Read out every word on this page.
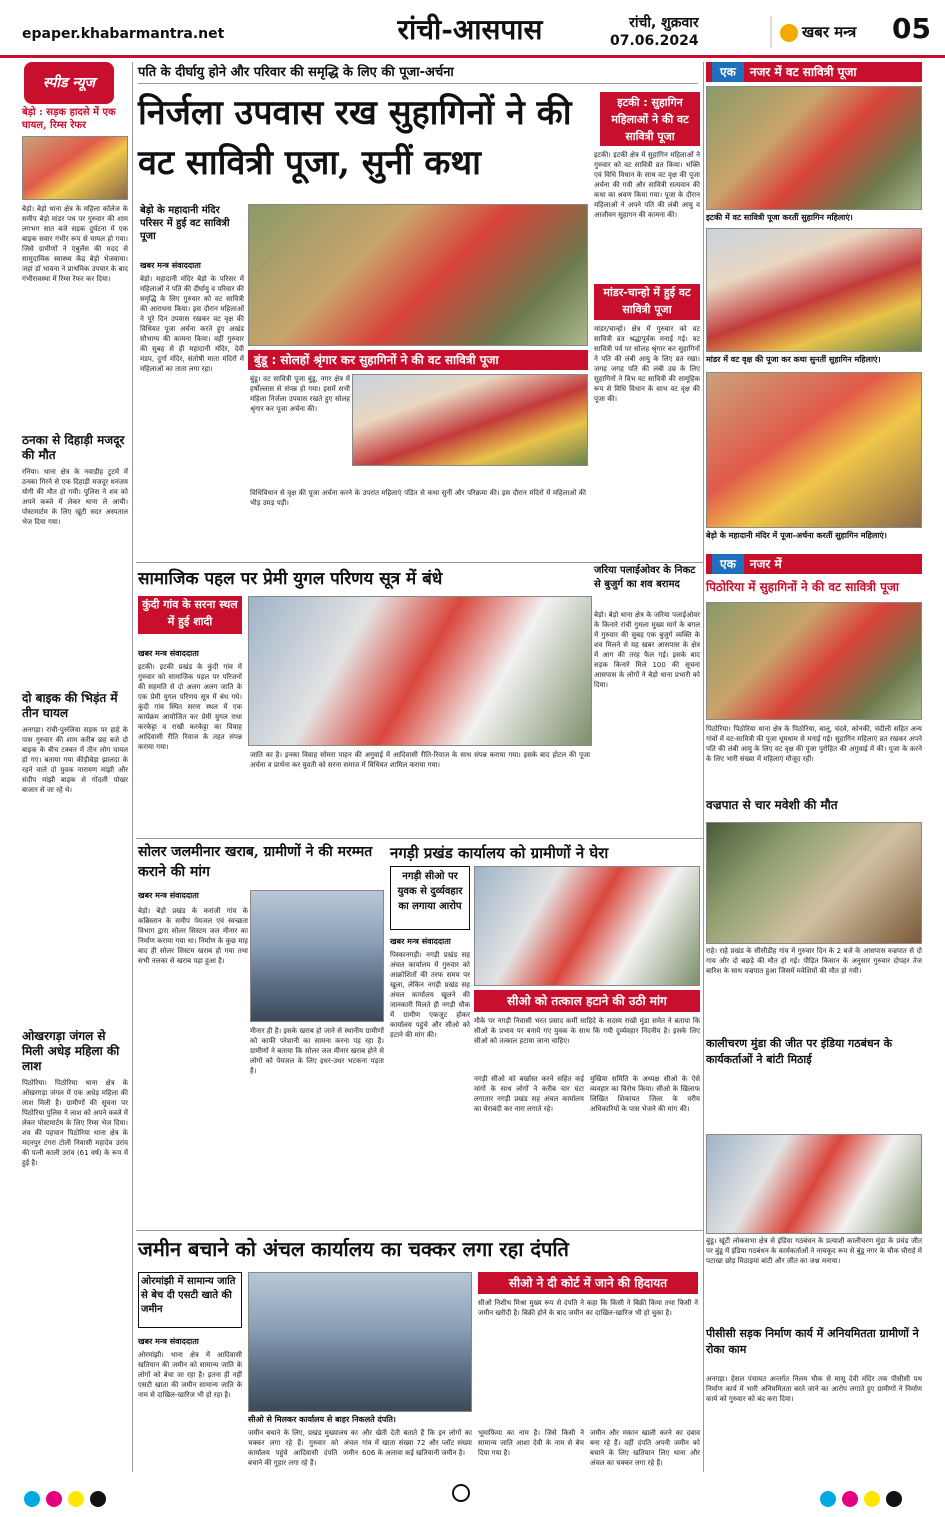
epaper.khabarmantra.net	रांची-आसपास	रांची, शुक्रवार
07.06.2024	खबर मन्त्र	05
स्पीड न्यूज
बेड़ो : सड़क हादसे में एक घायल, रिम्स रेफर
बेड़ो। बेड़ो थाना क्षेत्र के महिला कॉलेज के समीप बेड़ो मांडर पथ पर गुरुवार की शाम लगभग सात बजे सड़क दुर्घटना में एक बाइक सवार गंभीर रूप से घायल हो गया। जिसे ग्रामीणों ने एंबुलेंस की मदद से सामुदायिक स्वास्थ्य केंद्र बेड़ो भेजवाया। जहां डॉ भावना ने प्राथमिक उपचार के बाद गंभीरावस्था में रिम्स रेफर कर दिया।
ठनका से दिहाड़ी मजदूर की मौत
रनिया। थाना क्षेत्र के नवाडीह टुटमें में ठनका गिरने से एक दिहाड़ी मजदूर धनंजय योगी की मौत हो गयी। पुलिस ने शव को अपने कब्जे में लेकर थाना ले आयी। पोस्टमार्टम के लिए खूंटी सदर अस्पताल भेज दिया गया।
दो बाइक की भिड़ंत में तीन घायल
अनगड़ा। रांची-पुरुलिया सड़क पर हाहे के पास गुरुवार की शाम करीब छह बजे दो बाइक के बीच टक्कर में तीन लोग घायल हो गए। बताया गया कीड़ीबेड़ा झालदा के रहने वाले दो युवक नारायण मांझी और संदीप मांझी बाइक से गोंदली पोखर बाजार से जा रहे थे।
ओखरगड़ा जंगल से मिली अधेड़ महिला की लाश
पिठोरिया। पिठोरिया थाना क्षेत्र के ओखरगड़ा जंगल में एक अधेड़ महिला की लाश मिली है। ग्रामीणों की सूचना पर पिठोरिया पुलिस ने लाश को अपने कब्जे में लेकर पोस्टमार्टम के लिए रिम्स भेज दिया। शव की पहचान पिठोरिया थाना क्षेत्र के मदनपुर टंगरा टोली निवासी महादेव उरांव की पत्नी काली उरांव (61 वर्ष) के रूप में हुई है।
पति के दीर्घायु होने और परिवार की समृद्धि के लिए की पूजा-अर्चना
निर्जला उपवास रख सुहागिनों ने की वट सावित्री पूजा, सुनीं कथा
इटकी : सुहागिन महिलाओं ने की वट सावित्री पूजा
इटकी। इटकी क्षेत्र में सुहागिन महिलाओं ने गुरुवार को वट सावित्री व्रत किया। भक्ति एवं विधि विधान के साथ वट वृक्ष की पूजा अर्चना की गयी और सावित्री सत्यवान की कथा का श्रवण किया गया। पूजा के दौरान महिलाओं ने अपने पति की लंबी आयु व आजीवन सुहागन की कामना की।
मांडर-चान्हो में हुई वट सावित्री पूजा
मांडर/चान्हो। क्षेत्र में गुरुवार को वट सावित्री व्रत श्रद्धापूर्वक मनाई गई। वट सावित्री पर्व पर सोलह श्रृंगार कर सुहागिनों ने पति की लंबी आयु के लिए व्रत रखा। जगह जगह पति की लंबी उम्र के लिए सुहागिनों ने विभ वट सावित्री की सामूहिक रूप से विधि विधान के साथ वट वृक्ष की पूजा की।
बेड़ो के महादानी मंदिर परिसर में हुई वट सावित्री पूजा
खबर मन्त्र संवाददाता
बेड़ो। महादानी मंदिर बेड़ो के परिसर में महिलाओं ने पति की दीर्घायु व परिवार की समृद्धि के लिए गुरुवार को वट सावित्री की आराधना किया। इस दौरान महिलाओं ने पूरे दिन उपवास रखकर वट वृक्ष की विधिवत पूजा अर्चना करते हुए अखंड सौभाग्य की कामना किया। वहीं गुरुवार की सुबह से ही महादानी मंदिर, देवी मंडप, दुर्गा मंदिर, संतोषी माता मंदिरों में महिलाओं का ताता लगा रहा।
बुंडू : सोलहों श्रृंगार कर सुहागिनों ने की वट सावित्री पूजा
बुंडू। वट सावित्री पूजा बुंडू, नगर क्षेत्र में हर्षोल्लास से संपन्न हो गया। इसमें सभी महिला निर्जला उपवास रखते हुए सोलह श्रृंगार कर पूजा अर्चना की।
विधिविधान से वृक्ष की पूजा अर्चना करने के उपरांत महिलाएं पंडित से कथा सुनीं और परिक्रमा की। इस दौरान मंदिरों में महिलाओं की भीड़ उमड़ पड़ी।
एक नजर में वट सावित्री पूजा
इटकी में वट सावित्री पूजा करतीं सुहागिन महिलाएं।
मांडर में वट वृक्ष की पूजा कर कथा सुनतीं सुहागिन महिलाएं।
बेड़ो के महादानी मंदिर में पूजा-अर्चना करतीं सुहागिन महिलाएं।
सामाजिक पहल पर प्रेमी युगल परिणय सूत्र में बंधे
कुंदी गांव के सरना स्थल में हुई शादी
खबर मन्त्र संवाददाता
इटकी। इटकी प्रखंड के कुंदी गांव में गुरुवार को सामाजिक पहल पर परिजनों की सहमति से दो अलग अलग जाति के एक प्रेमी युगल परिणय सूत्र में बंध गये। कुंदी गांव स्थित सरना स्थल में एक कार्यक्रम आयोजित कर प्रेमी युगल राधा करकेट्टा व राखी करकेट्टा का विवाह आदिवासी रीति रिवाज के तहत संपन्न कराया गया।
जाति का है। इनका विवाह सोमरा पाहन की अगुवाई में आदिवासी रीति-रिवाज के साथ संपन्न कराया गया। इसके बाद होटल की पूजा अर्चना व प्रार्थना कर युवती को सरना समाज में विधिवत शामिल कराया गया।
जरिया पलाईओवर के निकट से बुजुर्ग का शव बरामद
बेड़ो। बेड़ो थाना क्षेत्र के जरिया पलाईओवर के किनारे रांची गुमला मुख्य मार्ग के बगल में गुरुवार की सुबह एक बुजुर्ग व्यक्ति के शव मिलने से यह खबर आसपास के क्षेत्र में आग की तरह फैल गई। इसके बाद सड़क किनारे मिले 100 की सूचना आसपास के लोगों ने बेड़ो थाना प्रभारी को दिया।
एक नजर में
पिठोरिया में सुहागिनों ने की वट सावित्री पूजा
पिठोरिया। पिठोरिया थाना क्षेत्र के पिठोरिया, बालू, चंदवे, कोनकी, चंदीली सहित अन्य गांवों में वट-सावित्री की पूजा धूमधाम से मनाई गई। सुहागिन महिलाएं व्रत रखकर अपने पति की लंबी आयु के लिए वट वृक्ष की पूजा पुरोहित की अगुवाई में की। पूजा के करने के लिए भारी संख्या में महिलाएं मौजूद रहीं।
वज्रपात से चार मवेशी की मौत
राहे। राहे प्रखंड के सीसीडीह गांव में गुरुवार दिन के 2 बजे के आसपास वज्रपात से दो गाय और दो बछड़े की मौत हो गई। पीड़ित किसान के अनुसार गुरुवार दोपहर तेज बारिश के साथ वज्रपात हुआ जिसमें मवेशियों की मौत हो गयी।
कालीचरण मुंडा की जीत पर इंडिया गठबंधन के कार्यकर्ताओं ने बांटी मिठाई
बुंडू। खूंटी लोकसभा क्षेत्र से इंडिया गठबंधन के प्रत्याशी कालीचरण मुंडा के प्रचंड जीत पर बुंडू में इंडिया गठबंधन के कार्यकर्ताओं ने नाचकूद रूप से बुंडू नगर के चौक चौराहे में पटाखा छोड़ मिठाइयां बांटी और जीत का जश्न मनाया।
पीसीसी सड़क निर्माण कार्य में अनियमितता ग्रामीणों ने रोका काम
अनगड़ा। हेसल पंचायत अन्तर्गत निलम चौक से मासू देवी मंदिर तक पीसीसी पथ निर्माण कार्य में भारी अनियमितता बरते जाने का आरोप लगाते हुए ग्रामीणों ने निर्माण कार्य को गुरुवार को बंद करा दिया।
सोलर जलमीनार खराब, ग्रामीणों ने की मरम्मत कराने की मांग
खबर मन्त्र संवाददाता
बेड़ो। बेड़ो प्रखंड के करांजी गांव के कब्रिस्तान के समीप पेयजल एवं स्वच्छता विभाग द्वारा सोलर सिस्टम जल मीनार का निर्माण कराया गया था। निर्माण के कुछ माह बाद ही सोलर सिस्टम खराब हो गया तथा सभी नलका से खराब पड़ा हुआ है।
मीनार ही है। इसके खराब हो जाने से स्थानीय ग्रामीणों को काफी परेशानी का सामना करना पड़ रहा है। ग्रामीणों ने बताया कि सोलर जल मीनार खराब होने से लोगों को पेयजल के लिए इधर-उधर भटकना पड़ता है।
नगड़ी प्रखंड कार्यालय को ग्रामीणों ने घेरा
नगड़ी सीओ पर युवक से दुर्व्यवहार का लगाया आरोप
खबर मन्त्र संवाददाता
पिस्कानगड़ी। नगड़ी प्रखंड सह अंचल कार्यालय में गुरुवार को आक्रोशितों की तरफ समय पर खुला, लेकिन नगड़ी प्रखंड सह अंचल कार्यालय खुलने की जानकारी मिलते ही नगड़ी चौक में ग्रामीण एकजुट होकर कार्यालय पहुंचे और सीओ को हटाने की मांग की।
सीओ को तत्काल हटाने की उठी मांग
मौके पर नगड़ी निवासी भरत प्रसाद कर्मी साहिदे के सदस्य राखी मुंडा समेत ने बताया कि सीओ के प्रभाव पर बनाये गए युवक के साथ कि गयी दुर्व्यवहार निंदनीय है। इसके लिए सीओ को तत्काल हटाया जाना चाहिए।
नगड़ी सीओ को बर्खास्त करने सहित कई मांगों के साथ लोगों ने करीब चार घंटा लगातार नगड़ी प्रखंड सह अंचल कार्यालय का घेराबंदी कर नारा लगाते रहे।
मुखिया समिति के अध्यक्ष सीओ के ऐसे व्यवहार का विरोध किया। सीओ के खिलाफ लिखित शिकायत जिला के वरीय अधिकारियों के पास भेजने की मांग की।
जमीन बचाने को अंचल कार्यालय का चक्कर लगा रहा दंपति
ओरमांझी में सामान्य जाति से बेच दी एसटी खाते की जमीन
खबर मन्त्र संवाददाता
ओरमांझी। थाना क्षेत्र में आदिवासी खतियान की जमीन को सामान्य जाति के लोगों को बेचा जा रहा है। इतना ही नहीं एसटी खाता की जमीन सामान्य जाति के नाम से दाखिल-खारिज भी हो रहा है।
सीओ से मिलकर कार्यालय से बाहर निकलते दंपति।
जमीन बचाने के लिए, प्रखंड मुख्यालय का चक्कर लगा रहे हैं। गुरुवार को अंचल कार्यालय पहुंचे आदिवासी दंपति जमीन बचाने की गुहार लगा रहे हैं।
और खेती देती बताते हैं कि इन लोगों का गांव में खाता संख्या 72 और प्लॉट संख्या 606 के अलावा कई खतियानी जमीन है।
सीओ ने दी कोर्ट में जाने की हिदायत
सीओ निशीथ मिश्रा मुख्य रूप से दंपति ने कहा कि किसी ने बिक्री किया तथा किसी ने जमीन खरीदी है। बिक्री होने के बाद जमीन का दाखिल-खारिज भी हो चुका है।
भूमाफिया का नाम है। जिसे किसी ने सामान्य जाति आशा देवी के नाम से बेच दिया गया है।
जमीन और मकान खाली करने का दबाव बना रहे हैं। वहीं दंपति अपनी जमीन को बचाने के लिए खतियान लिए थाना और अंचल का चक्कर लगा रहे हैं।
